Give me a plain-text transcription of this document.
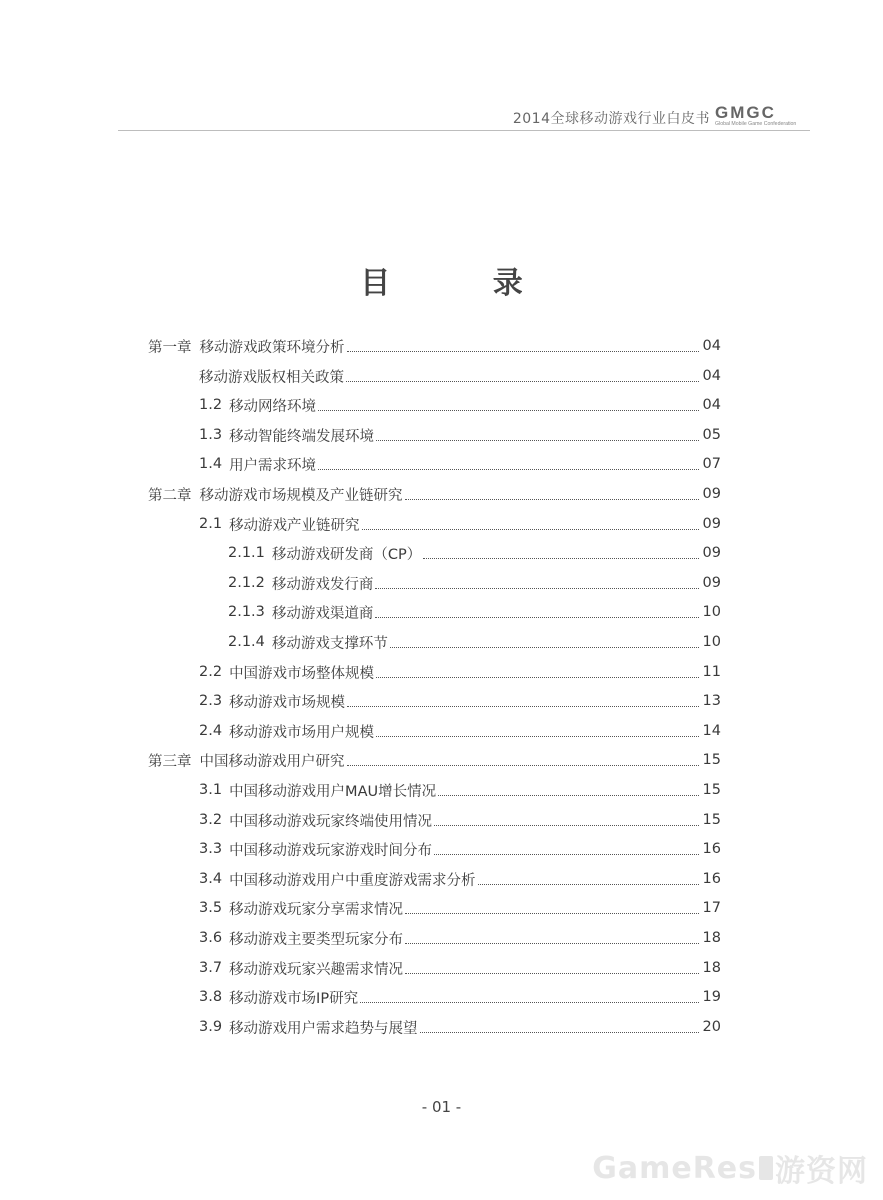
2014全球移动游戏行业白皮书 GMGC
Global Mobile Game Confederation
目 录
第一章 移动游戏政策环境分析	04
移动游戏版权相关政策	04
1.2 移动网络环境	04
1.3 移动智能终端发展环境	05
1.4 用户需求环境	07
第二章 移动游戏市场规模及产业链研究	09
2.1 移动游戏产业链研究	09
2.1.1 移动游戏研发商（CP）	09
2.1.2 移动游戏发行商	09
2.1.3 移动游戏渠道商	10
2.1.4 移动游戏支撑环节	10
2.2 中国游戏市场整体规模	11
2.3 移动游戏市场规模	13
2.4 移动游戏市场用户规模	14
第三章 中国移动游戏用户研究	15
3.1 中国移动游戏用户MAU增长情况	15
3.2 中国移动游戏玩家终端使用情况	15
3.3 中国移动游戏玩家游戏时间分布	16
3.4 中国移动游戏用户中重度游戏需求分析	16
3.5 移动游戏玩家分享需求情况	17
3.6 移动游戏主要类型玩家分布	18
3.7 移动游戏玩家兴趣需求情况	18
3.8 移动游戏市场IP研究	19
3.9 移动游戏用户需求趋势与展望	20
- 01 -
GameRes 游资网
